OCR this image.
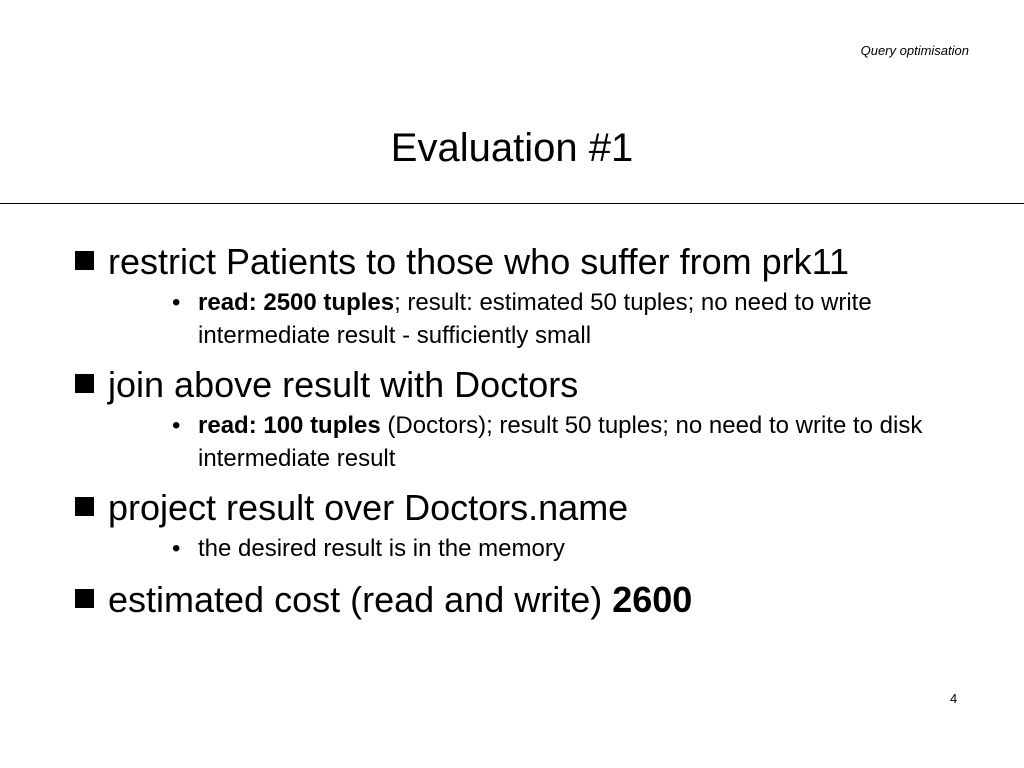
Query optimisation
Evaluation #1
restrict Patients to those who suffer from prk11
• read: 2500 tuples; result: estimated 50 tuples; no need to write intermediate result - sufficiently small
join above result with Doctors
• read: 100 tuples (Doctors); result 50 tuples; no need to write to disk intermediate result
project result over Doctors.name
• the desired result is in the memory
estimated cost (read and write) 2600
4
